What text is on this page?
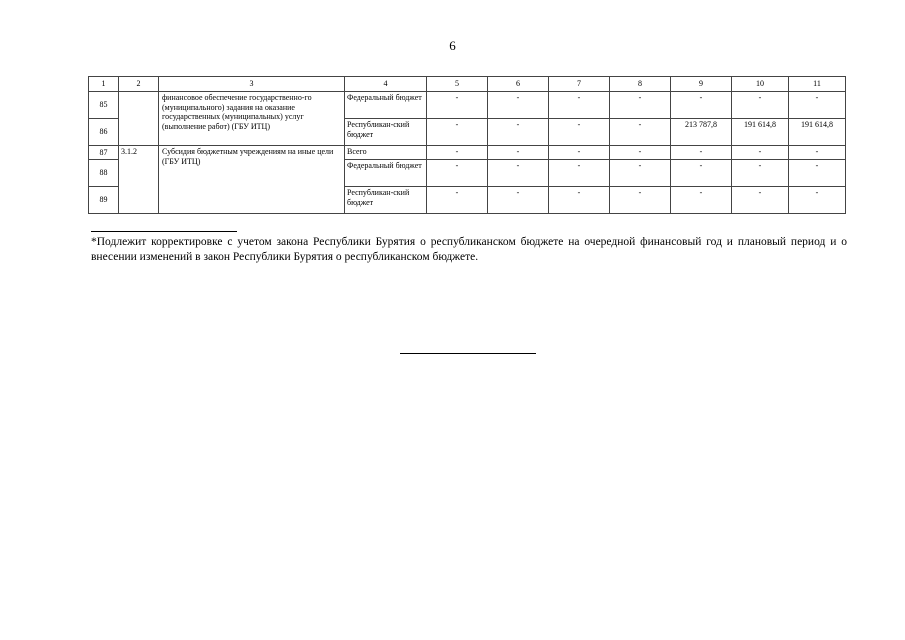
6
1	2	3	4	5	6	7	8	9	10	11
85		финансовое обеспечение государственно-го (муниципального) задания на оказание государственных (муниципальных) услуг (выполнение работ) (ГБУ ИТЦ)	Федеральный бюджет	-	-	-	-	-	-	-
86			Республикан-ский бюджет	-	-	-	-	213 787,8	191 614,8	191 614,8
87	3.1.2	Субсидия бюджетным учреждениям на иные цели (ГБУ ИТЦ)	Всего	-	-	-	-	-	-	-
88			Федеральный бюджет	-	-	-	-	-	-	-
89			Республикан-ский бюджет	-	-	-	-	-	-	-
*Подлежит корректировке с учетом закона Республики Бурятия о республиканском бюджете на очередной финансовый год и плановый период и о внесении изменений в закон Республики Бурятия о республиканском бюджете.
